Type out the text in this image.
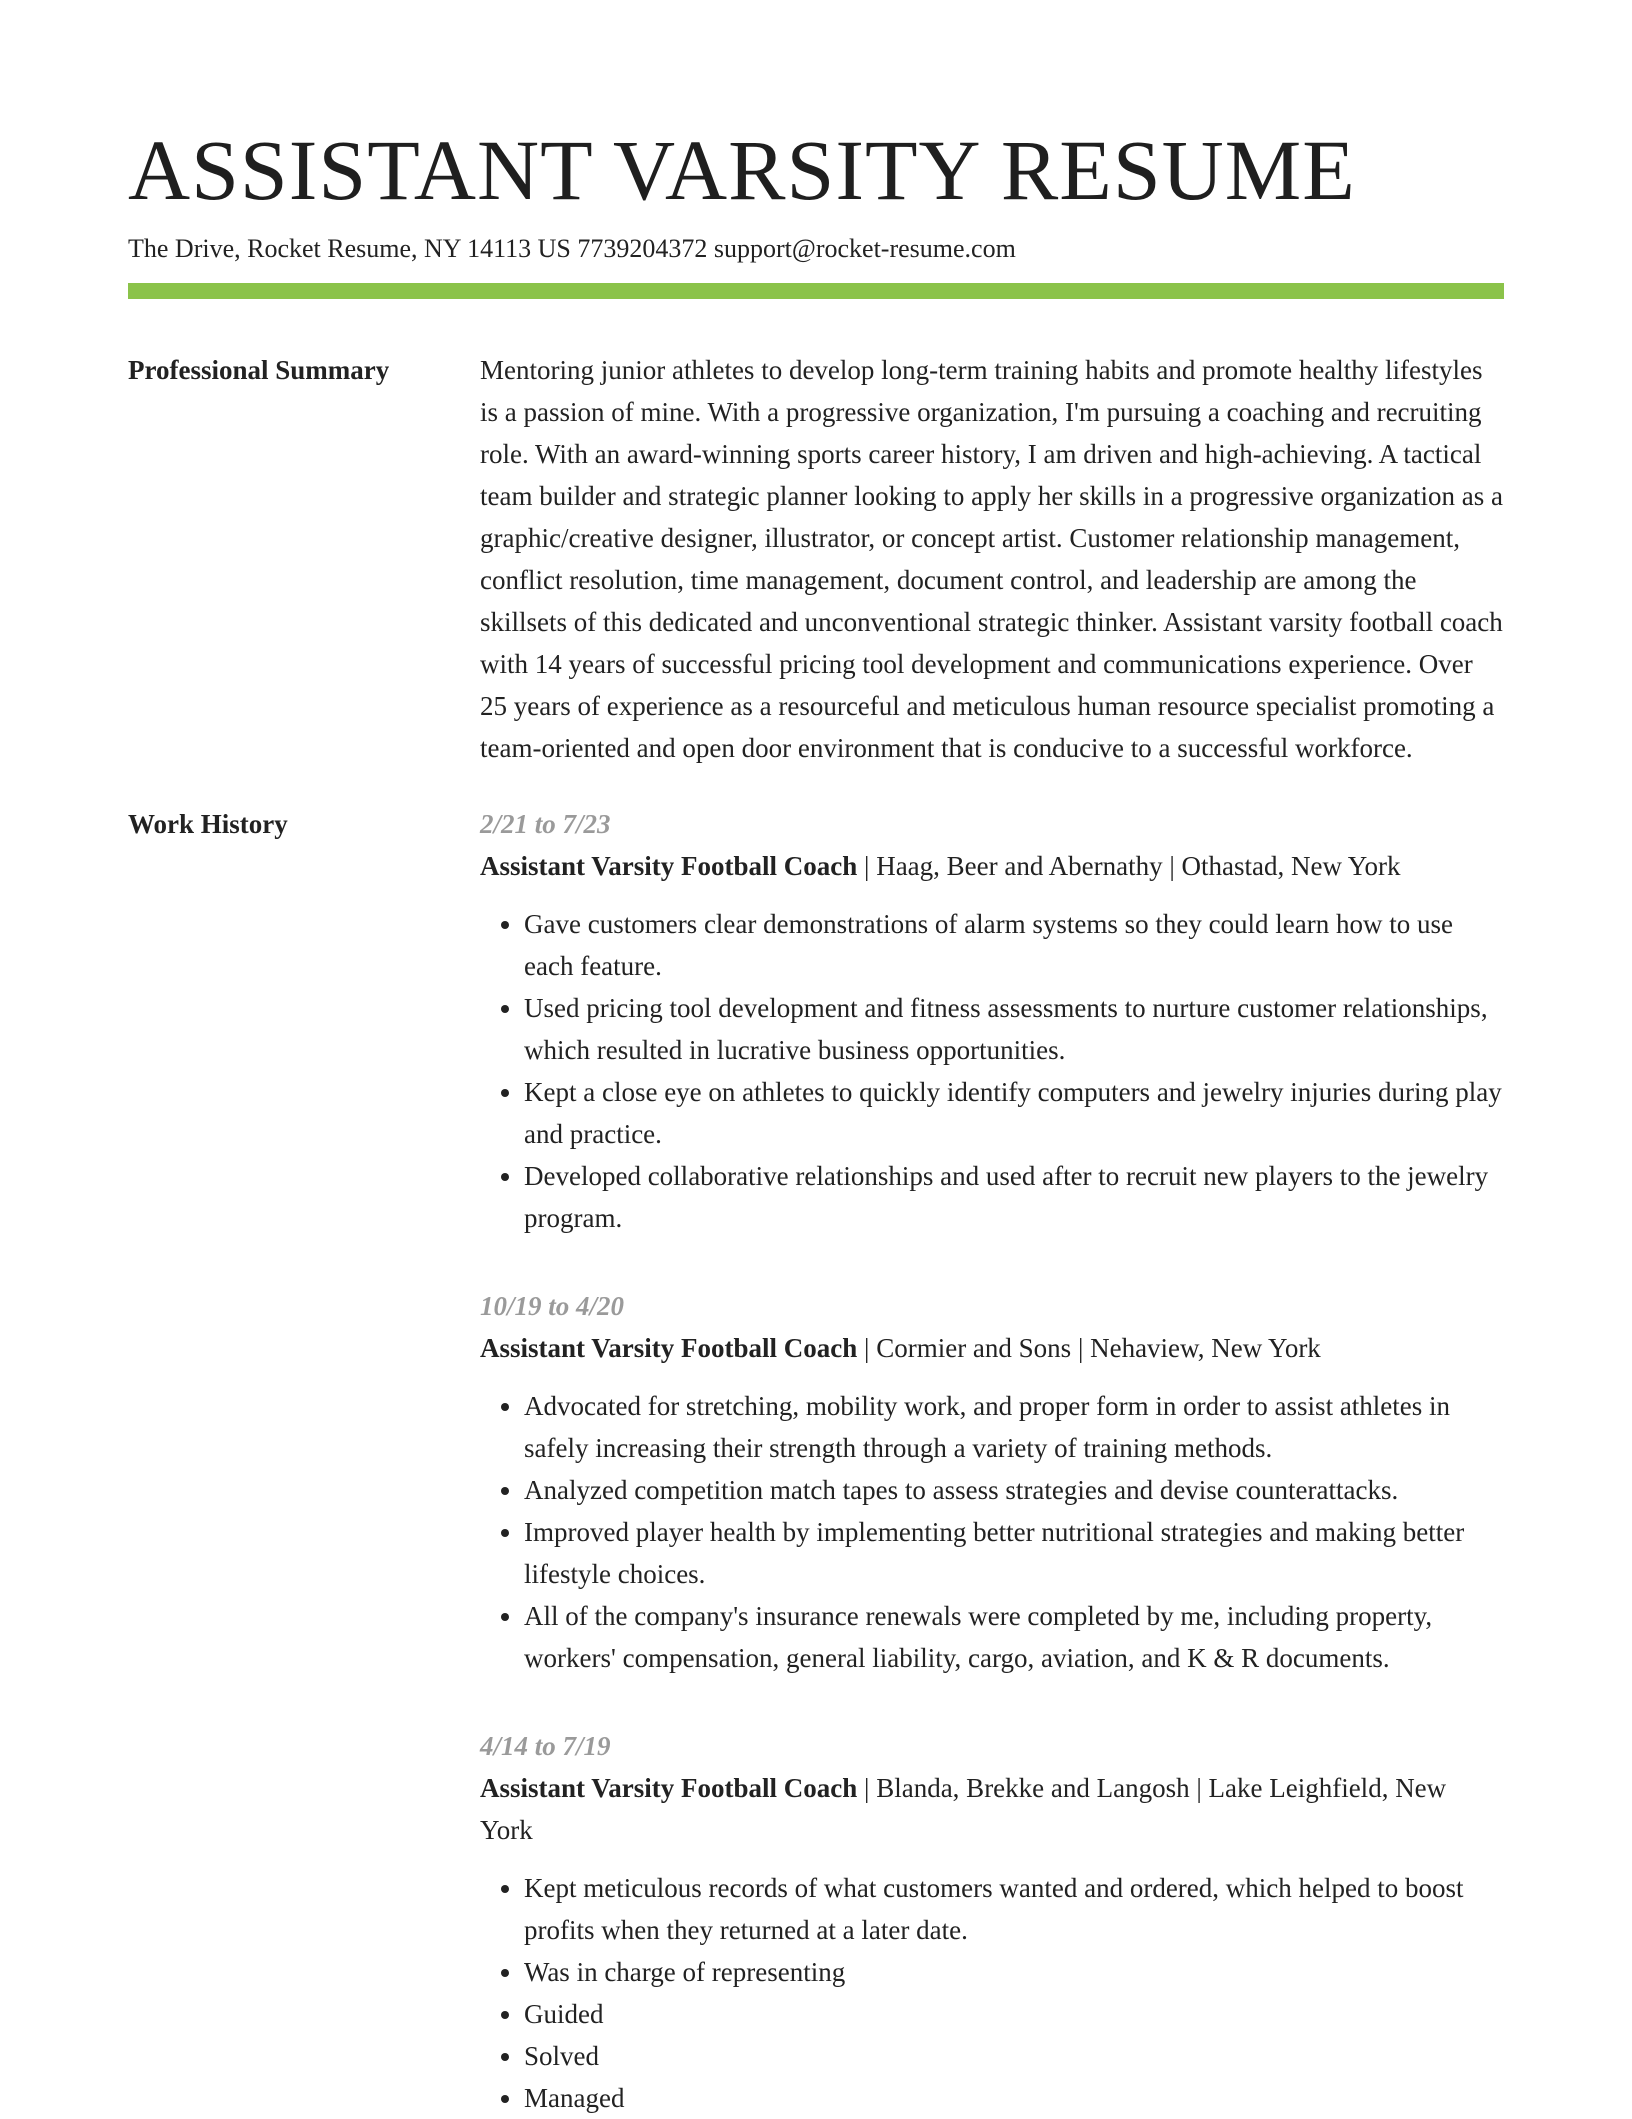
ASSISTANT VARSITY RESUME
The Drive, Rocket Resume, NY 14113 US 7739204372 support@rocket-resume.com
Professional Summary	Mentoring junior athletes to develop long-term training habits and promote healthy lifestyles is a passion of mine. With a progressive organization, I'm pursuing a coaching and recruiting role. With an award-winning sports career history, I am driven and high-achieving. A tactical team builder and strategic planner looking to apply her skills in a progressive organization as a graphic/creative designer, illustrator, or concept artist. Customer relationship management, conflict resolution, time management, document control, and leadership are among the skillsets of this dedicated and unconventional strategic thinker. Assistant varsity football coach with 14 years of successful pricing tool development and communications experience. Over 25 years of experience as a resourceful and meticulous human resource specialist promoting a team-oriented and open door environment that is conducive to a successful workforce.

Work History	2/21 to 7/23
Assistant Varsity Football Coach | Haag, Beer and Abernathy | Othastad, New York
• Gave customers clear demonstrations of alarm systems so they could learn how to use each feature.
• Used pricing tool development and fitness assessments to nurture customer relationships, which resulted in lucrative business opportunities.
• Kept a close eye on athletes to quickly identify computers and jewelry injuries during play and practice.
• Developed collaborative relationships and used after to recruit new players to the jewelry program.
10/19 to 4/20
Assistant Varsity Football Coach | Cormier and Sons | Nehaview, New York
• Advocated for stretching, mobility work, and proper form in order to assist athletes in safely increasing their strength through a variety of training methods.
• Analyzed competition match tapes to assess strategies and devise counterattacks.
• Improved player health by implementing better nutritional strategies and making better lifestyle choices.
• All of the company's insurance renewals were completed by me, including property, workers' compensation, general liability, cargo, aviation, and K & R documents.
4/14 to 7/19
Assistant Varsity Football Coach | Blanda, Brekke and Langosh | Lake Leighfield, New York
• Kept meticulous records of what customers wanted and ordered, which helped to boost profits when they returned at a later date.
• Was in charge of representing
• Guided
• Solved
• Managed
